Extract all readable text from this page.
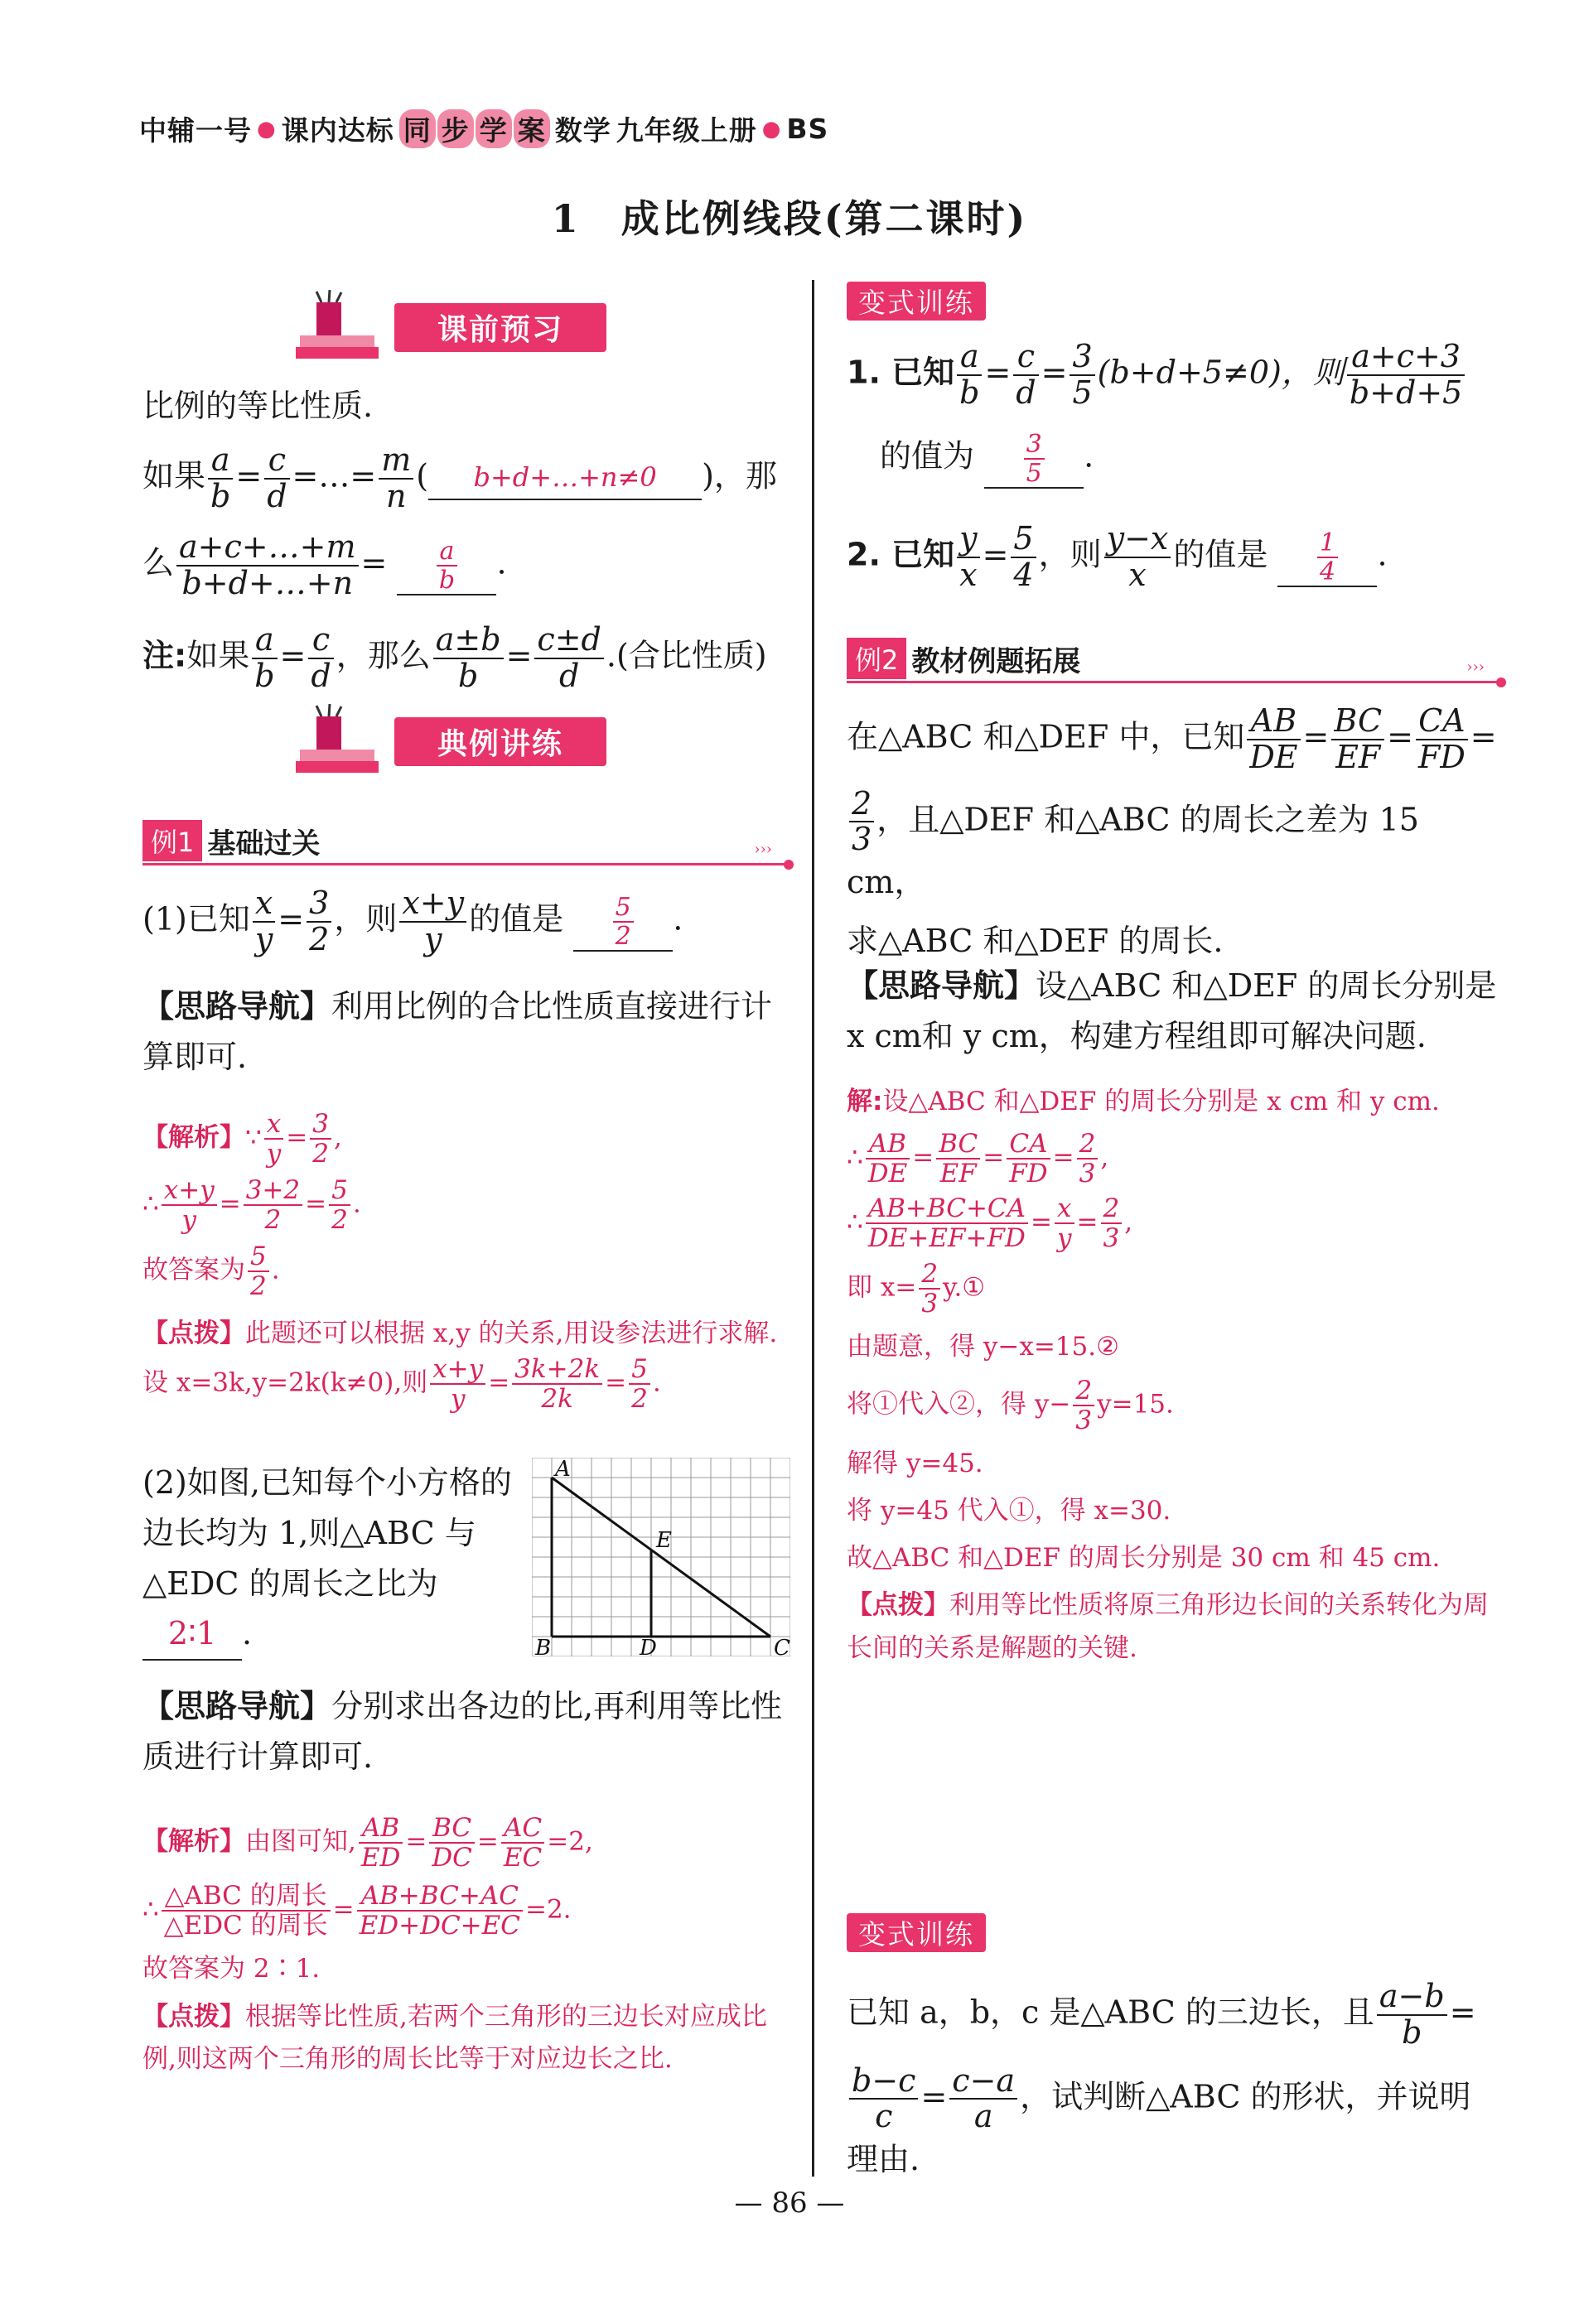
中辅一号 ● 课内达标 同 步 学 案 数学 九年级上册 ● BS
1　成比例线段(第二课时)
课前预习
比例的等比性质.
如果 $\frac{a}{b} = \frac{c}{d}$ =…= $\frac{m}{n}$ ( b+d+…+n≠0 )，那
么 $\frac{a+c+\dots+m}{b+d+\dots+n} = \frac{a}{b}$ .
注:如果 $\frac{a}{b} = \frac{c}{d}$ ，那么 $\frac{a\pm b}{b} = \frac{c\pm d}{d}$ .(合比性质)
典例讲练
例1 基础过关	›››
(1)已知 $\frac{x}{y} = \frac{3}{2}$ ，则 $\frac{x+y}{y}$ 的值是 $\frac{5}{2}$ .
【思路导航】利用比例的合比性质直接进行计算即可.
【解析】∵ $\frac{x}{y} = \frac{3}{2}$ ,
∴ $\frac{x+y}{y} = \frac{3+2}{2} = \frac{5}{2}$ .
故答案为 $\frac{5}{2}$ .
【点拨】此题还可以根据 x,y 的关系,用设参法进行求解.设 x=3k,y=2k(k≠0),则 $\frac{x+y}{y} = \frac{3k+2k}{2k} = \frac{5}{2}$ .
(2)如图,已知每个小方格的边长均为 1,则△ABC 与△EDC 的周长之比为2∶1 .
A
E
B	D	C
【思路导航】分别求出各边的比,再利用等比性质进行计算即可.
【解析】由图可知, $\frac{AB}{ED} = \frac{BC}{DC} = \frac{AC}{EC} =2$,
∴ $\frac{\text{△ABC 的周长}}{\text{△EDC 的周长}} = \frac{AB+BC+AC}{ED+DC+EC} =2$.
故答案为 2∶1.
【点拨】根据等比性质,若两个三角形的三边长对应成比例,则这两个三角形的周长比等于对应边长之比.
变式训练
1. 已知 $\frac{a}{b} = \frac{c}{d} = \frac{3}{5} (b+d+5\ne 0)$，则 $\frac{a+c+3}{b+d+5}$
的值为 $\frac{3}{5}$ .
2. 已知 $\frac{y}{x} = \frac{5}{4}$ ，则 $\frac{y-x}{x}$ 的值是 $\frac{1}{4}$ .
例2 教材例题拓展	›››
在△ABC 和△DEF 中，已知 $\frac{AB}{DE} = \frac{BC}{EF} = \frac{CA}{FD}$ =
$\frac{2}{3}$ ，且△DEF 和△ABC 的周长之差为 15 cm，
求△ABC 和△DEF 的周长.
【思路导航】设△ABC 和△DEF 的周长分别是 x cm和 y cm，构建方程组即可解决问题.
解:设△ABC 和△DEF 的周长分别是 x cm 和 y cm.
∴ $\frac{AB}{DE} = \frac{BC}{EF} = \frac{CA}{FD} = \frac{2}{3}$ ,
∴ $\frac{AB+BC+CA}{DE+EF+FD} = \frac{x}{y} = \frac{2}{3}$ ,
即 $x= \frac{2}{3}$ y.①
由题意，得 y−x=15.②
将①代入②，得 $y- \frac{2}{3} y=15$.
解得 y=45.
将 y=45 代入①，得 x=30.
故△ABC 和△DEF 的周长分别是 30 cm 和 45 cm.
【点拨】利用等比性质将原三角形边长间的关系转化为周长间的关系是解题的关键.
变式训练
已知 a，b，c 是△ABC 的三边长，且 $\frac{a-b}{b}$ =
$\frac{b-c}{c} = \frac{c-a}{a}$ ，试判断△ABC 的形状，并说明理由.
— 86 —
